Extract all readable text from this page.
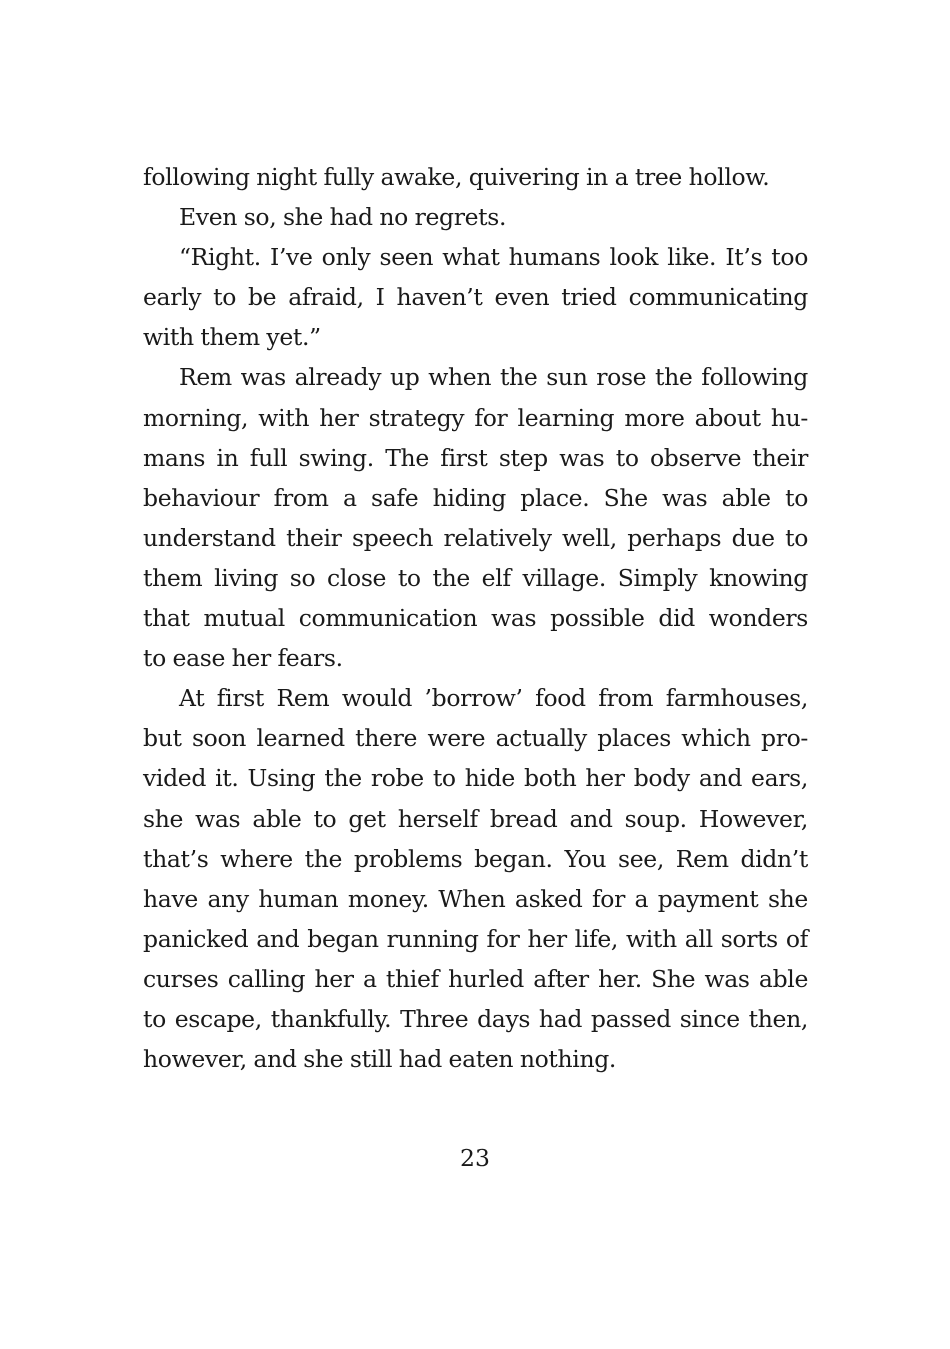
following night fully awake, quivering in a tree hollow.
Even so, she had no regrets.
“Right. I’ve only seen what humans look like. It’s too
early to be afraid, I haven’t even tried communicating
with them yet.”
Rem was already up when the sun rose the following
morning, with her strategy for learning more about hu-
mans in full swing. The first step was to observe their
behaviour from a safe hiding place. She was able to
understand their speech relatively well, perhaps due to
them living so close to the elf village. Simply knowing
that mutual communication was possible did wonders
to ease her fears.
At first Rem would ’borrow’ food from farmhouses,
but soon learned there were actually places which pro-
vided it. Using the robe to hide both her body and ears,
she was able to get herself bread and soup. However,
that’s where the problems began. You see, Rem didn’t
have any human money. When asked for a payment she
panicked and began running for her life, with all sorts of
curses calling her a thief hurled after her. She was able
to escape, thankfully. Three days had passed since then,
however, and she still had eaten nothing.
23
